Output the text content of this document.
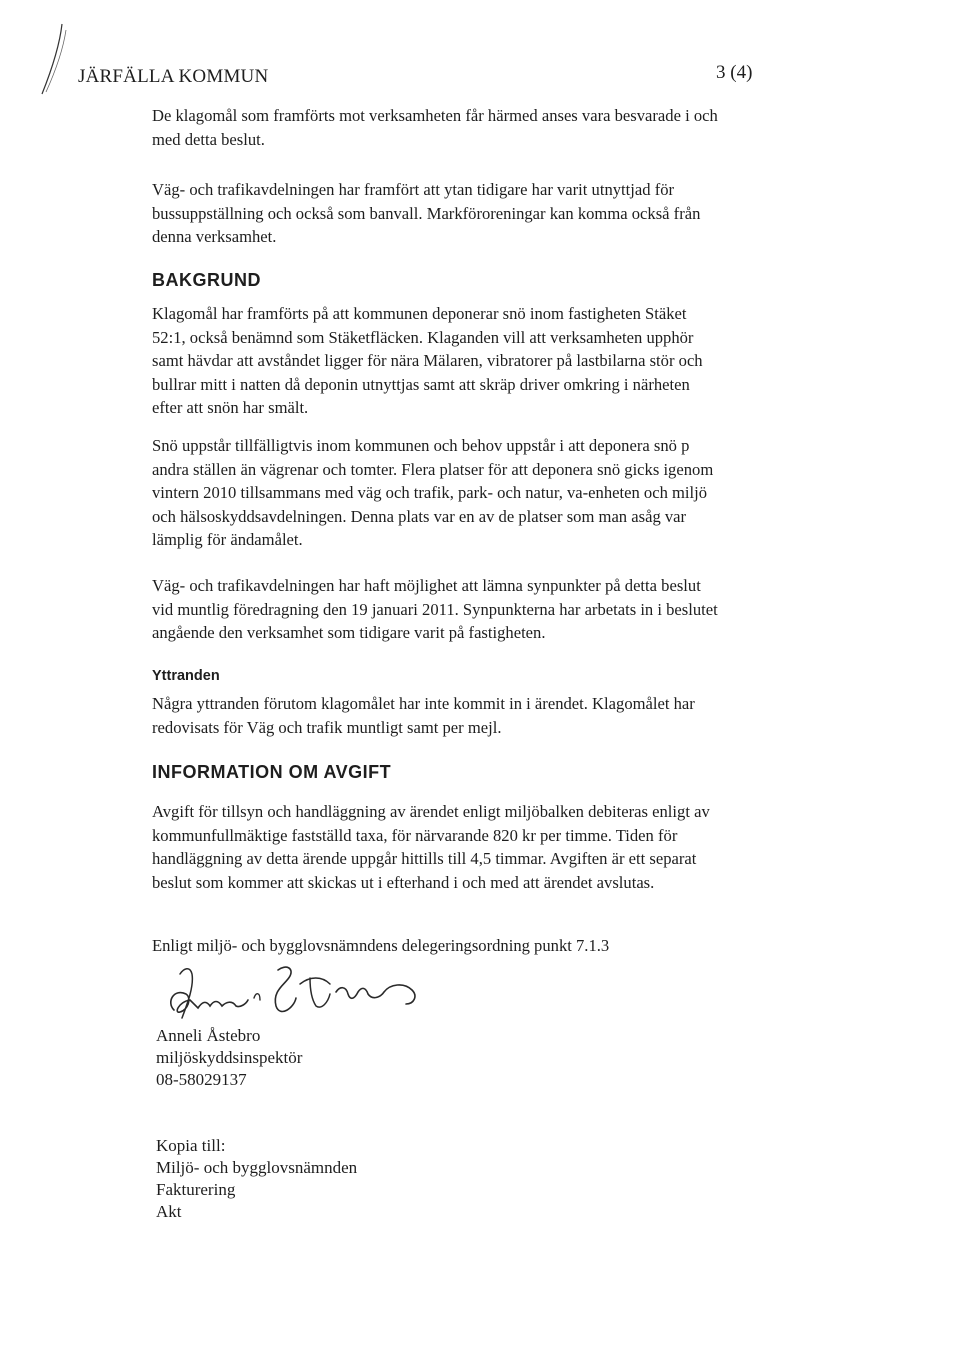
JÄRFÄLLA KOMMUN	3 (4)

De klagomål som framförts mot verksamheten får härmed anses vara besvarade i och
med detta beslut.

Väg- och trafikavdelningen har framfört att ytan tidigare har varit utnyttjad för
bussuppställning och också som banvall. Markföroreningar kan komma också från
denna verksamhet.

BAKGRUND

Klagomål har framförts på att kommunen deponerar snö inom fastigheten Stäket
52:1, också benämnd som Stäketfläcken. Klaganden vill att verksamheten upphör
samt hävdar att avståndet ligger för nära Mälaren, vibratorer på lastbilarna stör och
bullrar mitt i natten då deponin utnyttjas samt att skräp driver omkring i närheten
efter att snön har smält.

Snö uppstår tillfälligtvis inom kommunen och behov uppstår i att deponera snö p
andra ställen än vägrenar och tomter. Flera platser för att deponera snö gicks igenom
vintern 2010 tillsammans med väg och trafik, park- och natur, va-enheten och miljö
och hälsoskyddsavdelningen. Denna plats var en av de platser som man asåg var
lämplig för ändamålet.

Väg- och trafikavdelningen har haft möjlighet att lämna synpunkter på detta beslut
vid muntlig föredragning den 19 januari 2011. Synpunkterna har arbetats in i beslutet
angående den verksamhet som tidigare varit på fastigheten.

Yttranden

Några yttranden förutom klagomålet har inte kommit in i ärendet. Klagomålet har
redovisats för Väg och trafik muntligt samt per mejl.

INFORMATION OM AVGIFT

Avgift för tillsyn och handläggning av ärendet enligt miljöbalken debiteras enligt av
kommunfullmäktige fastställd taxa, för närvarande 820 kr per timme. Tiden för
handläggning av detta ärende uppgår hittills till 4,5 timmar. Avgiften är ett separat
beslut som kommer att skickas ut i efterhand i och med att ärendet avslutas.

Enligt miljö- och bygglovsnämndens delegeringsordning punkt 7.1.3

Anneli Åstebro
miljöskyddsinspektör
08-58029137
Kopia till:
Miljö- och bygglovsnämnden
Fakturering
Akt
